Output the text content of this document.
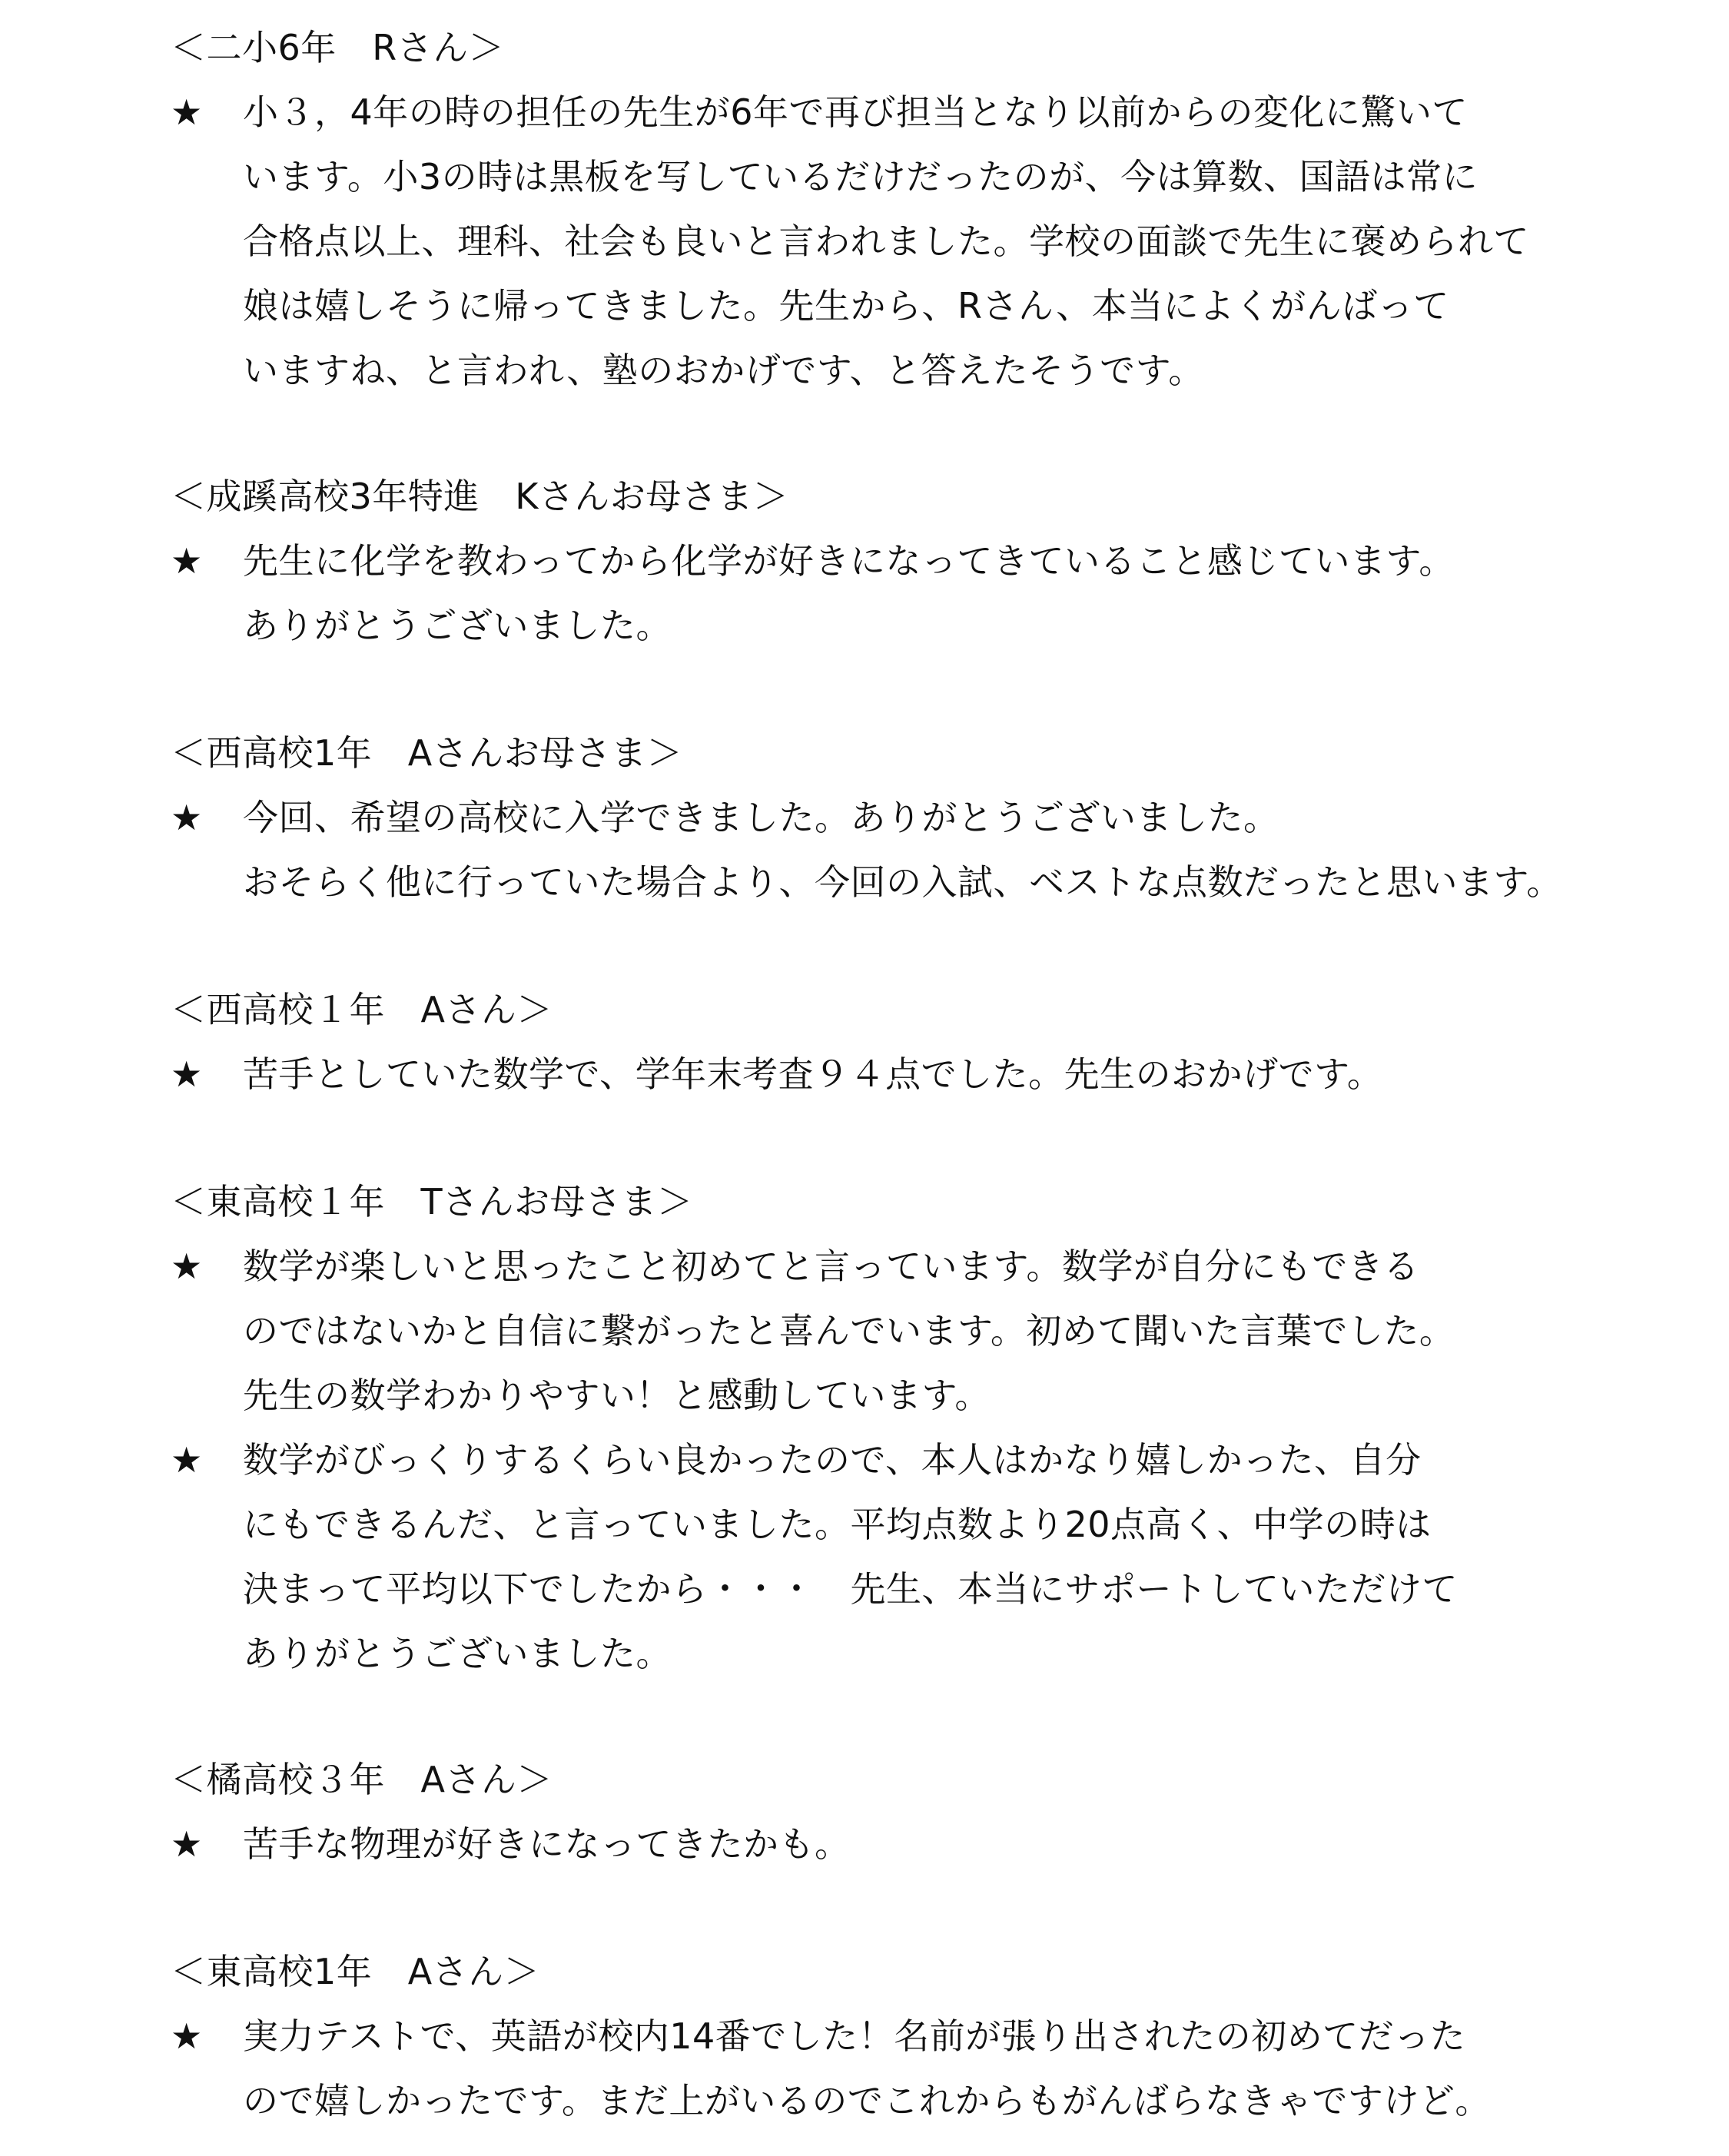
＜二小6年　Rさん＞
★	小３，4年の時の担任の先生が6年で再び担当となり以前からの変化に驚いて
います。小3の時は黒板を写しているだけだったのが、今は算数、国語は常に
合格点以上、理科、社会も良いと言われました。学校の面談で先生に褒められて
娘は嬉しそうに帰ってきました。先生から、Rさん、本当によくがんばって
いますね、と言われ、塾のおかげです、と答えたそうです。
＜成蹊高校3年特進　Kさんお母さま＞
★	先生に化学を教わってから化学が好きになってきていること感じています。
ありがとうございました。
＜西高校1年　Aさんお母さま＞
★	今回、希望の高校に入学できました。ありがとうございました。
おそらく他に行っていた場合より、今回の入試、ベストな点数だったと思います。
＜西高校１年　Aさん＞
★	苦手としていた数学で、学年末考査９４点でした。先生のおかげです。
＜東高校１年　Tさんお母さま＞
★	数学が楽しいと思ったこと初めてと言っています。数学が自分にもできる
のではないかと自信に繋がったと喜んでいます。初めて聞いた言葉でした。
先生の数学わかりやすい！と感動しています。
★	数学がびっくりするくらい良かったので、本人はかなり嬉しかった、自分
にもできるんだ、と言っていました。平均点数より20点高く、中学の時は
決まって平均以下でしたから・・・　先生、本当にサポートしていただけて
ありがとうございました。
＜橘高校３年　Aさん＞
★	苦手な物理が好きになってきたかも。
＜東高校1年　Aさん＞
★	実力テストで、英語が校内14番でした！名前が張り出されたの初めてだった
ので嬉しかったです。まだ上がいるのでこれからもがんばらなきゃですけど。
